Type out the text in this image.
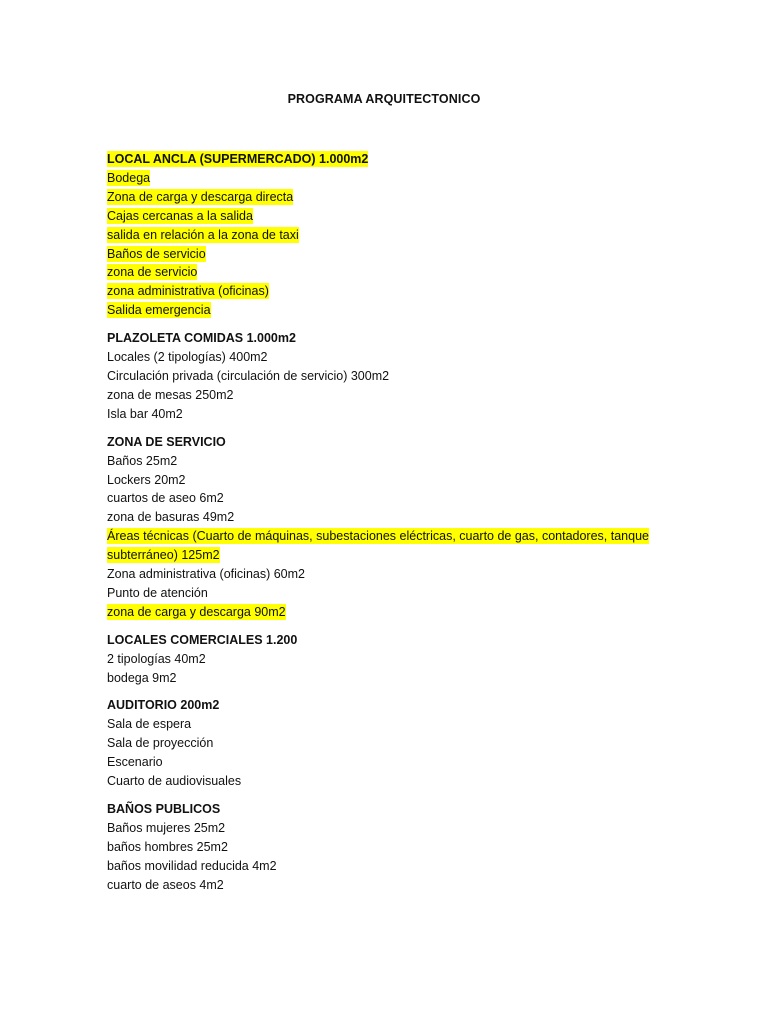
PROGRAMA ARQUITECTONICO
LOCAL ANCLA (SUPERMERCADO) 1.000m2
Bodega
Zona de carga y descarga directa
Cajas cercanas a la salida
salida en relación a la zona de taxi
Baños de servicio
zona de servicio
zona administrativa (oficinas)
Salida emergencia
PLAZOLETA COMIDAS 1.000m2
Locales (2 tipologías) 400m2
Circulación privada (circulación de servicio) 300m2
zona de mesas 250m2
Isla bar 40m2
ZONA DE SERVICIO
Baños 25m2
Lockers 20m2
cuartos de aseo 6m2
zona de basuras 49m2
Áreas técnicas (Cuarto de máquinas, subestaciones eléctricas, cuarto de gas, contadores, tanque subterráneo) 125m2
Zona administrativa (oficinas) 60m2
Punto de atención
zona de carga y descarga 90m2
LOCALES COMERCIALES 1.200
2 tipologías 40m2
bodega 9m2
AUDITORIO 200m2
Sala de espera
Sala de proyección
Escenario
Cuarto de audiovisuales
BAÑOS PUBLICOS
Baños mujeres 25m2
baños hombres 25m2
baños movilidad reducida 4m2
cuarto de aseos 4m2
